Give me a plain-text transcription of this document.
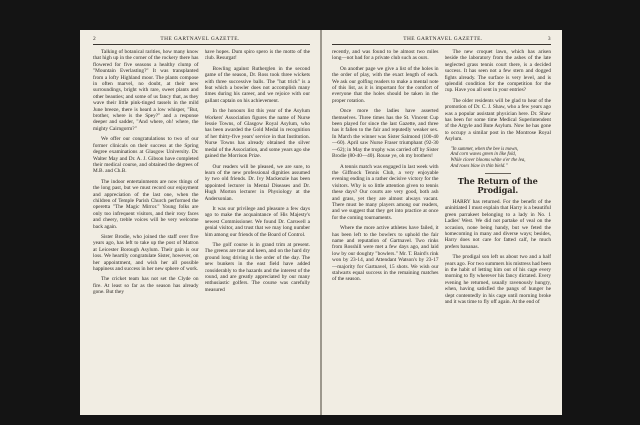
2	THE GARTNAVEL GAZETTE.

Talking of botanical rarities, how many know that high up in the corner of the rockery there has flowered for five seasons a healthy clump of "Mountain Everlasting?" It was transplanted from a lofty Highland moor. The plants compose in often marvel, no doubt, at their new surroundings, bright with rare, sweet plants and other beauties; and some of us fancy that, as they wave their little pink-tinged tassels in the mild June breeze, there is heard a low whisper, "But, brother, where is the Spey?" and a response deeper and sadder, "And where, oh! where, the mighty Cairngorm?"

We offer our congratulations to two of our former clinicals on their success at the Spring degree examinations at Glasgow University. Dr. Walter May and Dr. A. J. Gibson have completed their medical course, and obtained the degrees of M.B. and Ch.B.

The indoor entertainments are now things of the long past, but we must record our enjoyment and appreciation of the last one, when the children of Temple Parish Church performed the operetta "The Magic Mirror." Young folks are only too infrequent visitors, and their rosy faces and cheery, treble voices will be very welcome back again.

Sister Brodie, who joined the staff over five years ago, has left to take up the post of Matron at Leicester Borough Asylum. Their gain is our loss. We heartily congratulate Sister, however, on her appointment, and wish her all possible happiness and success in her new sphere of work.

The cricket team has not set the Clyde on fire. At least so far as the season has already gone. But they

have hopes. Dum spiro spero is the motto of the club. Resurgat!

Bowling against Rutherglen in the second game of the season, Dr. Ross took three wickets with three successive balls. The "hat trick" is a feat which a bowler does not accomplish many times during his career, and we rejoice with our gallant captain on his achievement.

In the honours list this year of the Asylum Workers' Association figures the name of Nurse Jessie Towns, of Glasgow Royal Asylum, who has been awarded the Gold Medal in recognition of her thirty-five years' service in that Institution. Nurse Towns has already obtained the silver medal of the Association, and some years ago she gained the Morrison Prize.

Our readers will be pleased, we are sure, to learn of the new professional dignities assumed by two old friends. Dr. Ivy Mackenzie has been appointed lecturer in Mental Diseases and Dr. Hugh Morton lecturer in Physiology at the Andersonian.

It was our privilege and pleasure a few days ago to make the acquaintance of His Majesty's newest Commissioner. We found Dr. Carswell a genial visitor, and trust that we may long number him among our friends of the Board of Control.

The golf course is in grand trim at present. The greens are true and keen, and on the hard dry ground long driving is the order of the day. The new bunkers in the east field have added considerably to the hazards and the interest of the round, and are greatly appreciated by our many enthusiastic golfers. The course was carefully measured

THE GARTNAVEL GAZETTE.	3

recently, and was found to be almost two miles long—not bad for a private club such as ours.

On another page we give a list of the holes in the order of play, with the exact length of each. We ask our golfing readers to make a mental note of this list, as it is important for the comfort of everyone that the holes should be taken in the proper rotation.

Once more the ladies have asserted themselves. Three times has the St. Vincent Cup been played for since the last Gazette, and three has it fallen to the fair and reputedly weaker sex. In March the winner was Sister Salmond (100-40—60). April saw Nurse Fraser triumphant (92-30—62); in May the trophy was carried off by Sister Brodie (80-40—40). Rouse ye, oh my brothers!

A tennis match was engaged in last week with the Giffnock Tennis Club, a very enjoyable evening ending in a rather decisive victory for the visitors. Why is so little attention given to tennis these days? Our courts are very good, both ash and grass, yet they are almost always vacant. There must be many players among our readers, and we suggest that they get into practice at once for the coming tournaments.

Where the more active athletes have failed, it has been left to the bowlers to uphold the fair name and reputation of Gartnavel. Two rinks from Rosshill were met a few days ago, and laid low by our doughty "bowlers." Mr. T. Baird's rink won by 23-14, and Attendant Watson's by 23-17—majority for Gartnavel, 15 shots. We wish our stalwarts equal success in the remaining matches of the season.

The new croquet lawn, which has arisen beside the laboratory from the ashes of the late neglected grass tennis court there, is a decided success. It has seen not a few stern and dogged fights already. The surface is very level, and is splendid condition for the competition for the cup. Have you all sent in your entries?

The older residents will be glad to hear of the promotion of Dr. C. J. Shaw, who a few years ago was a popular assistant physician here. Dr. Shaw has been for some time Medical Superintendent of the Argyle and Bute Asylum. Now he has gone to occupy a similar post in the Montrose Royal Asylum.

"In summer, when the bee is mown,
And corn waves green in like fold,
While clover blooms white o'er the lea,
And roses blaw in thin bield."
The Return of the Prodigal.

HARRY has returned. For the benefit of the uninitiated I must explain that Harry is a beautiful green parrakeet belonging to a lady in No. 1 Ladies' West. We did not partake of veal on the occasion, none being handy, but we feted the homecoming in many and diverse ways; besides, Harry does not care for fatted calf, he much prefers bananas.

The prodigal son left us about two and a half years ago. For two summers his mistress had been in the habit of letting him out of his cage every morning to fly wherever his fancy dictated. Every evening he returned, usually ravenously hungry, when, having satisfied the pangs of hunger he slept contentedly in his cage until morning broke and it was time to fly off again. At the end of
